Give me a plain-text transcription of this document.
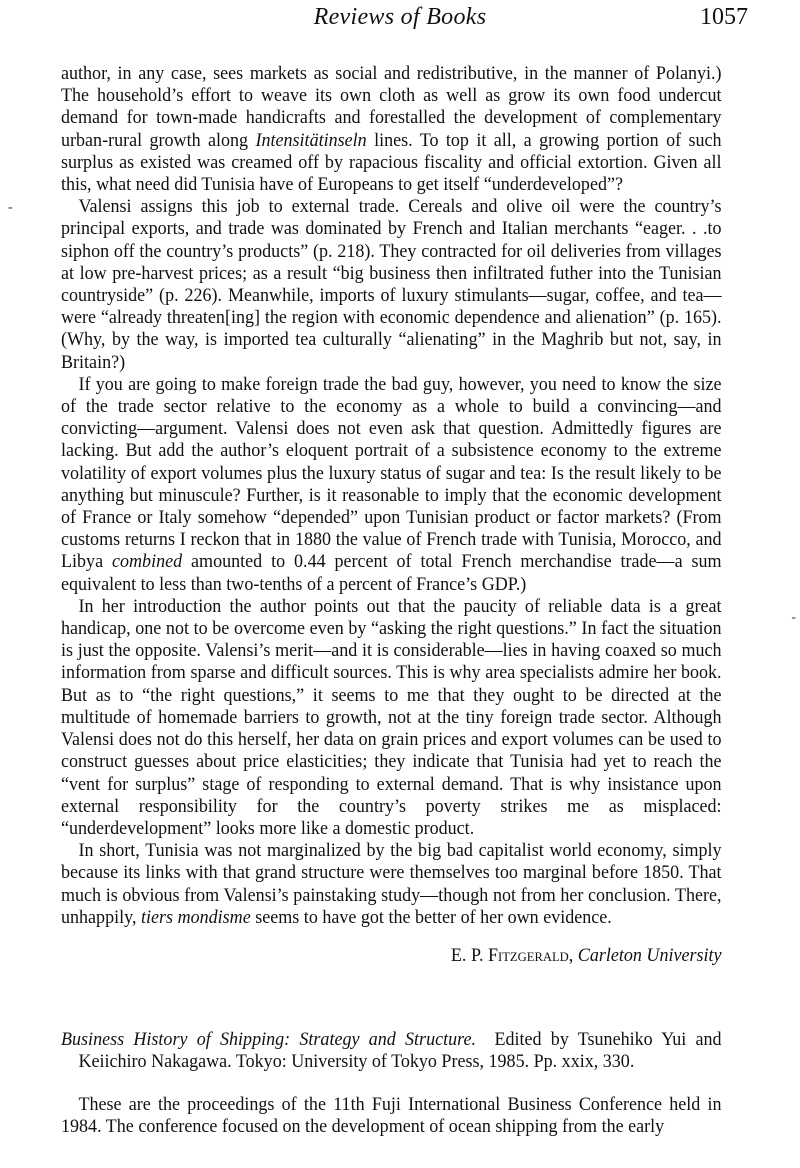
Reviews of Books	1057

author, in any case, sees markets as social and redistributive, in the manner of Polanyi.) The household’s effort to weave its own cloth as well as grow its own food undercut demand for town-made handicrafts and forestalled the development of complementary urban-rural growth along Intensitätinseln lines. To top it all, a growing portion of such surplus as existed was creamed off by rapacious fiscality and official extortion. Given all this, what need did Tunisia have of Europeans to get itself “underdeveloped”?

Valensi assigns this job to external trade. Cereals and olive oil were the country’s principal exports, and trade was dominated by French and Italian merchants “eager. . .to siphon off the country’s products” (p. 218). They contracted for oil deliveries from villages at low pre-harvest prices; as a result “big business then infiltrated futher into the Tunisian countryside” (p. 226). Meanwhile, imports of luxury stimulants—sugar, coffee, and tea—were “already threaten[ing] the region with economic dependence and alienation” (p. 165). (Why, by the way, is imported tea culturally “alienating” in the Maghrib but not, say, in Britain?)

If you are going to make foreign trade the bad guy, however, you need to know the size of the trade sector relative to the economy as a whole to build a convincing—and convicting—argument. Valensi does not even ask that question. Admittedly figures are lacking. But add the author’s eloquent portrait of a subsistence economy to the extreme volatility of export volumes plus the luxury status of sugar and tea: Is the result likely to be anything but minuscule? Further, is it reasonable to imply that the economic development of France or Italy somehow “depended” upon Tunisian product or factor markets? (From customs returns I reckon that in 1880 the value of French trade with Tunisia, Morocco, and Libya combined amounted to 0.44 percent of total French merchandise trade—a sum equivalent to less than two-tenths of a percent of France’s GDP.)

In her introduction the author points out that the paucity of reliable data is a great handicap, one not to be overcome even by “asking the right questions.” In fact the situation is just the opposite. Valensi’s merit—and it is considerable—lies in having coaxed so much information from sparse and difficult sources. This is why area specialists admire her book. But as to “the right questions,” it seems to me that they ought to be directed at the multitude of homemade barriers to growth, not at the tiny foreign trade sector. Although Valensi does not do this herself, her data on grain prices and export volumes can be used to construct guesses about price elasticities; they indicate that Tunisia had yet to reach the “vent for surplus” stage of responding to external demand. That is why insistance upon external responsibility for the country’s poverty strikes me as misplaced: “underdevelopment” looks more like a domestic product.

In short, Tunisia was not marginalized by the big bad capitalist world economy, simply because its links with that grand structure were themselves too marginal before 1850. That much is obvious from Valensi’s painstaking study—though not from her conclusion. There, unhappily, tiers mondisme seems to have got the better of her own evidence.

E. P. Fitzgerald, Carleton University

Business History of Shipping: Strategy and Structure. Edited by Tsunehiko Yui and Keiichiro Nakagawa. Tokyo: University of Tokyo Press, 1985. Pp. xxix, 330.

These are the proceedings of the 11th Fuji International Business Conference held in 1984. The conference focused on the development of ocean shipping from the early

-
-
